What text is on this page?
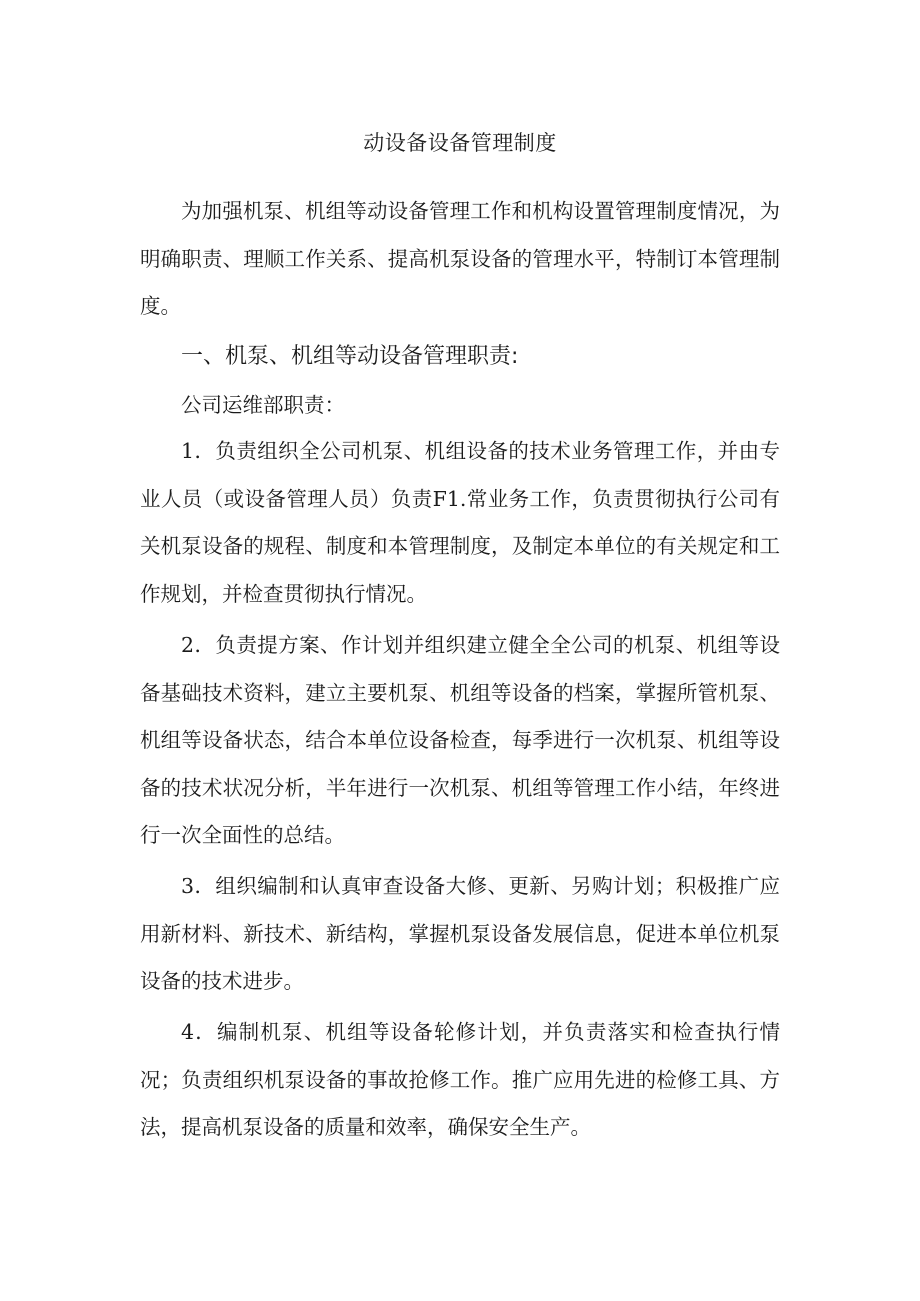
动设备设备管理制度

为加强机泵、机组等动设备管理工作和机构设置管理制度情况，为明确职责、理顺工作关系、提高机泵设备的管理水平，特制订本管理制度。

一、机泵、机组等动设备管理职责:

公司运维部职责：

1．负责组织全公司机泵、机组设备的技术业务管理工作，并由专业人员（或设备管理人员）负责F1.常业务工作，负责贯彻执行公司有关机泵设备的规程、制度和本管理制度，及制定本单位的有关规定和工作规划，并检查贯彻执行情况。

2．负责提方案、作计划并组织建立健全全公司的机泵、机组等设备基础技术资料，建立主要机泵、机组等设备的档案，掌握所管机泵、机组等设备状态，结合本单位设备检查，每季进行一次机泵、机组等设备的技术状况分析，半年进行一次机泵、机组等管理工作小结，年终进行一次全面性的总结。

3．组织编制和认真审查设备大修、更新、另购计划；积极推广应用新材料、新技术、新结构，掌握机泵设备发展信息，促进本单位机泵设备的技术进步。

4．编制机泵、机组等设备轮修计划，并负责落实和检查执行情况；负责组织机泵设备的事故抢修工作。推广应用先进的检修工具、方法，提高机泵设备的质量和效率，确保安全生产。
